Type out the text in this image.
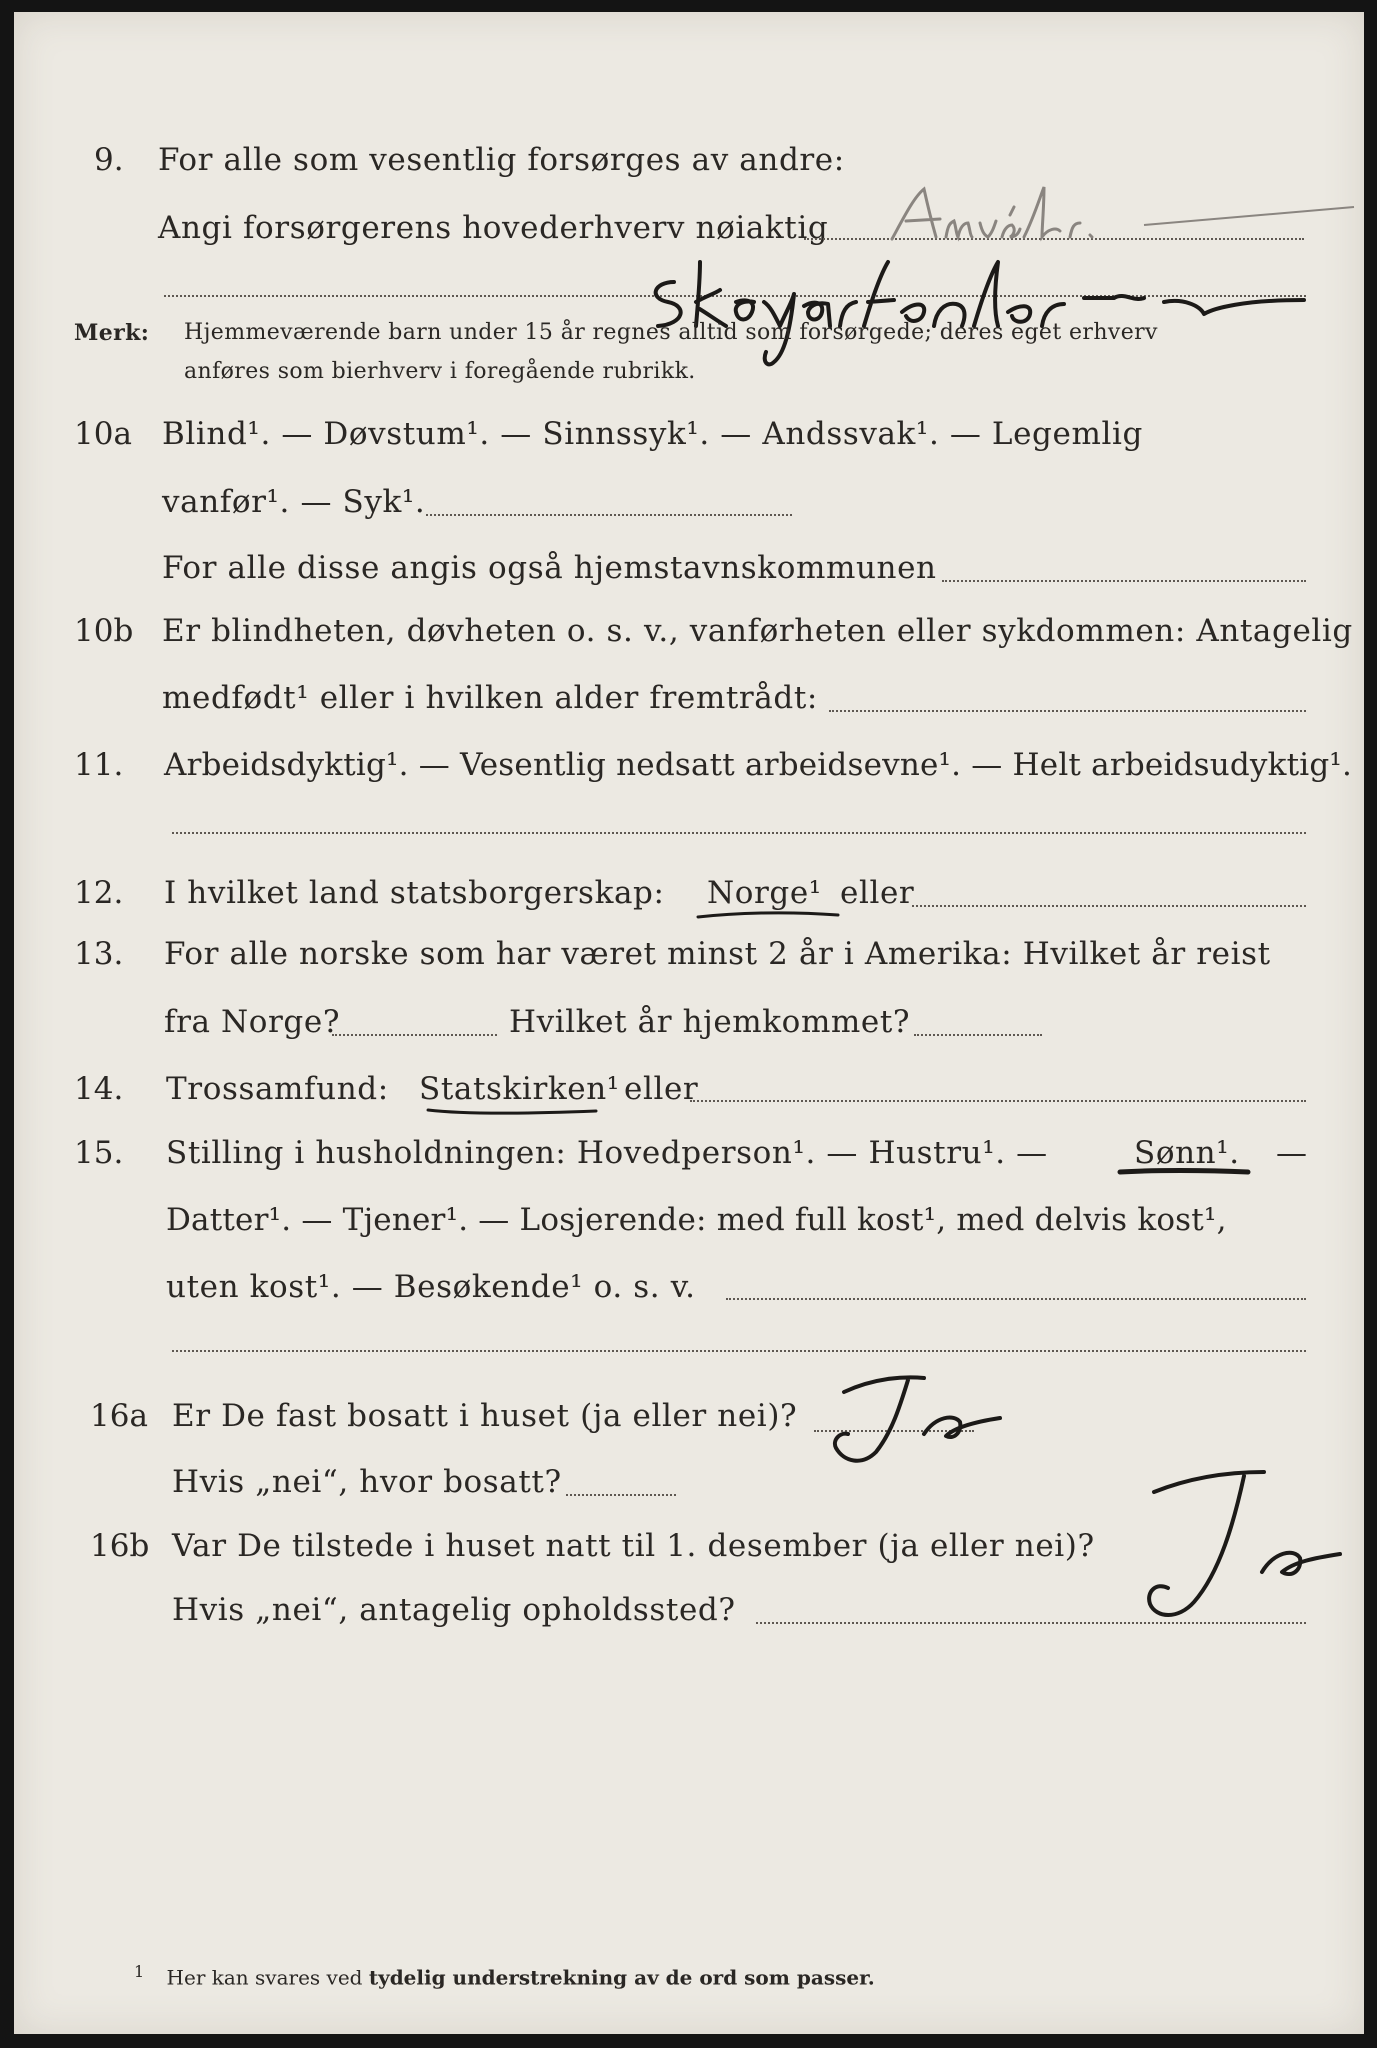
9. For alle som vesentlig forsørges av andre:
Angi forsørgerens hovederhverv nøiaktig
Merk: Hjemmeværende barn under 15 år regnes alltid som forsørgede; deres eget erhverv
anføres som bierhverv i foregående rubrikk.
10a Blind¹. — Døvstum¹. — Sinnssyk¹. — Andssvak¹. — Legemlig
vanfør¹. — Syk¹.
For alle disse angis også hjemstavnskommunen
10b Er blindheten, døvheten o. s. v., vanførheten eller sykdommen: Antagelig
medfødt¹ eller i hvilken alder fremtrådt:
11. Arbeidsdyktig¹. — Vesentlig nedsatt arbeidsevne¹. — Helt arbeidsudyktig¹.
12. I hvilket land statsborgerskap: Norge¹ eller
13. For alle norske som har været minst 2 år i Amerika: Hvilket år reist
fra Norge?	Hvilket år hjemkommet?
14. Trossamfund: Statskirken¹ eller
15. Stilling i husholdningen: Hovedperson¹. — Hustru¹. —	Sønn¹. —
Datter¹. — Tjener¹. — Losjerende: med full kost¹, med delvis kost¹,
uten kost¹. — Besøkende¹ o. s. v.
16a Er De fast bosatt i huset (ja eller nei)?
Hvis „nei“, hvor bosatt?
16b Var De tilstede i huset natt til 1. desember (ja eller nei)?
Hvis „nei“, antagelig opholdssted?
$^1$ Her kan svares ved tydelig understrekning av de ord som passer.
